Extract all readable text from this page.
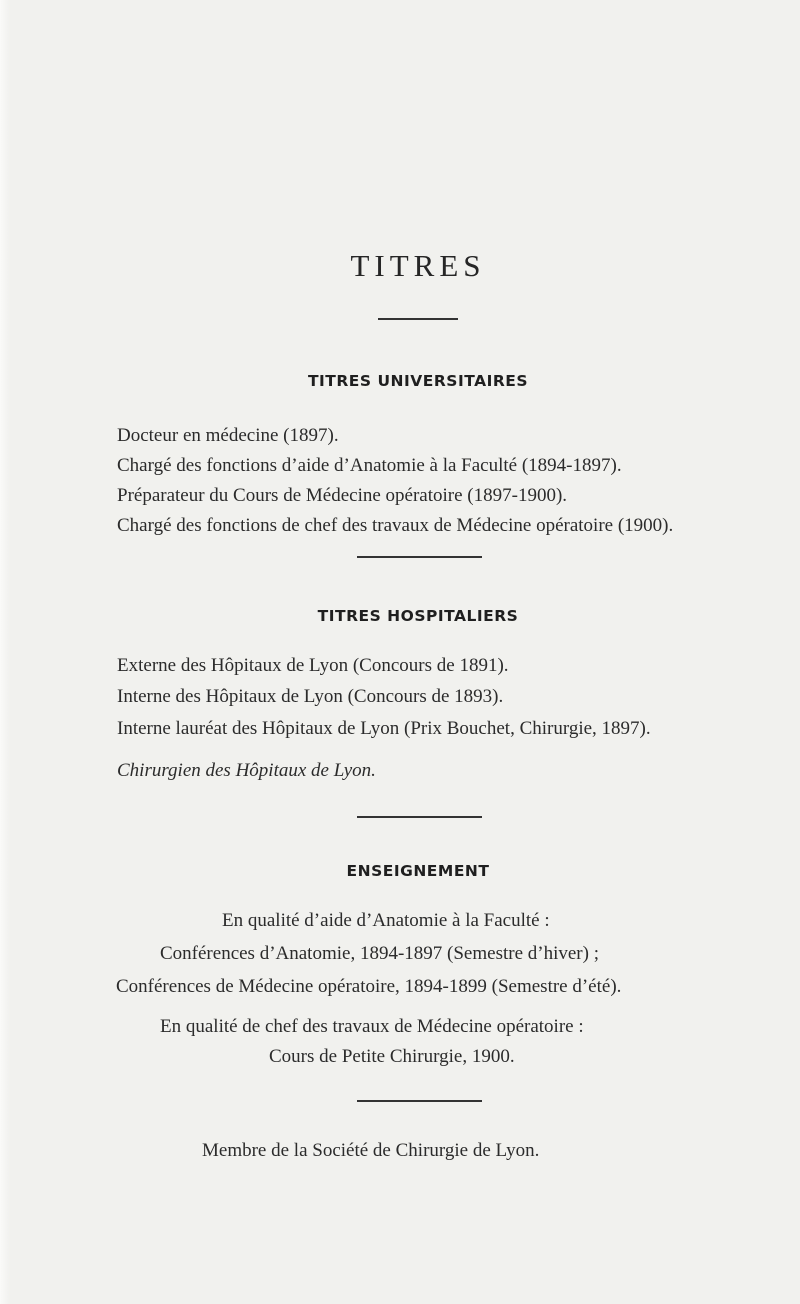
TITRES
TITRES UNIVERSITAIRES
Docteur en médecine (1897).
Chargé des fonctions d’aide d’Anatomie à la Faculté (1894-1897).
Préparateur du Cours de Médecine opératoire (1897-1900).
Chargé des fonctions de chef des travaux de Médecine opératoire (1900).
TITRES HOSPITALIERS
Externe des Hôpitaux de Lyon (Concours de 1891).
Interne des Hôpitaux de Lyon (Concours de 1893).
Interne lauréat des Hôpitaux de Lyon (Prix Bouchet, Chirurgie, 1897).
Chirurgien des Hôpitaux de Lyon.
ENSEIGNEMENT
En qualité d’aide d’Anatomie à la Faculté :
Conférences d’Anatomie, 1894-1897 (Semestre d’hiver) ;
Conférences de Médecine opératoire, 1894-1899 (Semestre d’été).
En qualité de chef des travaux de Médecine opératoire :
Cours de Petite Chirurgie, 1900.
Membre de la Société de Chirurgie de Lyon.
